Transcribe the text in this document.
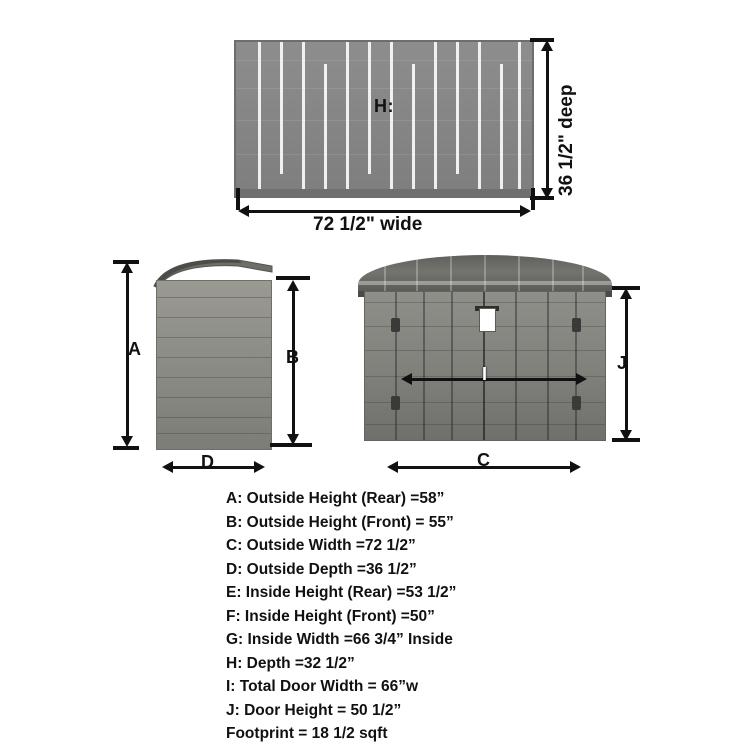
H:
72 1/2" wide
36 1/2" deep
A	B
D
I
C
J
A: Outside Height (Rear) =58”
B: Outside Height (Front) = 55”
C: Outside Width =72 1/2”
D: Outside Depth =36 1/2”
E: Inside Height (Rear) =53 1/2”
F: Inside Height (Front) =50”
G: Inside Width =66 3/4” Inside
H: Depth =32 1/2”
I: Total Door Width = 66”w
J: Door Height = 50 1/2”
Footprint = 18 1/2 sqft
